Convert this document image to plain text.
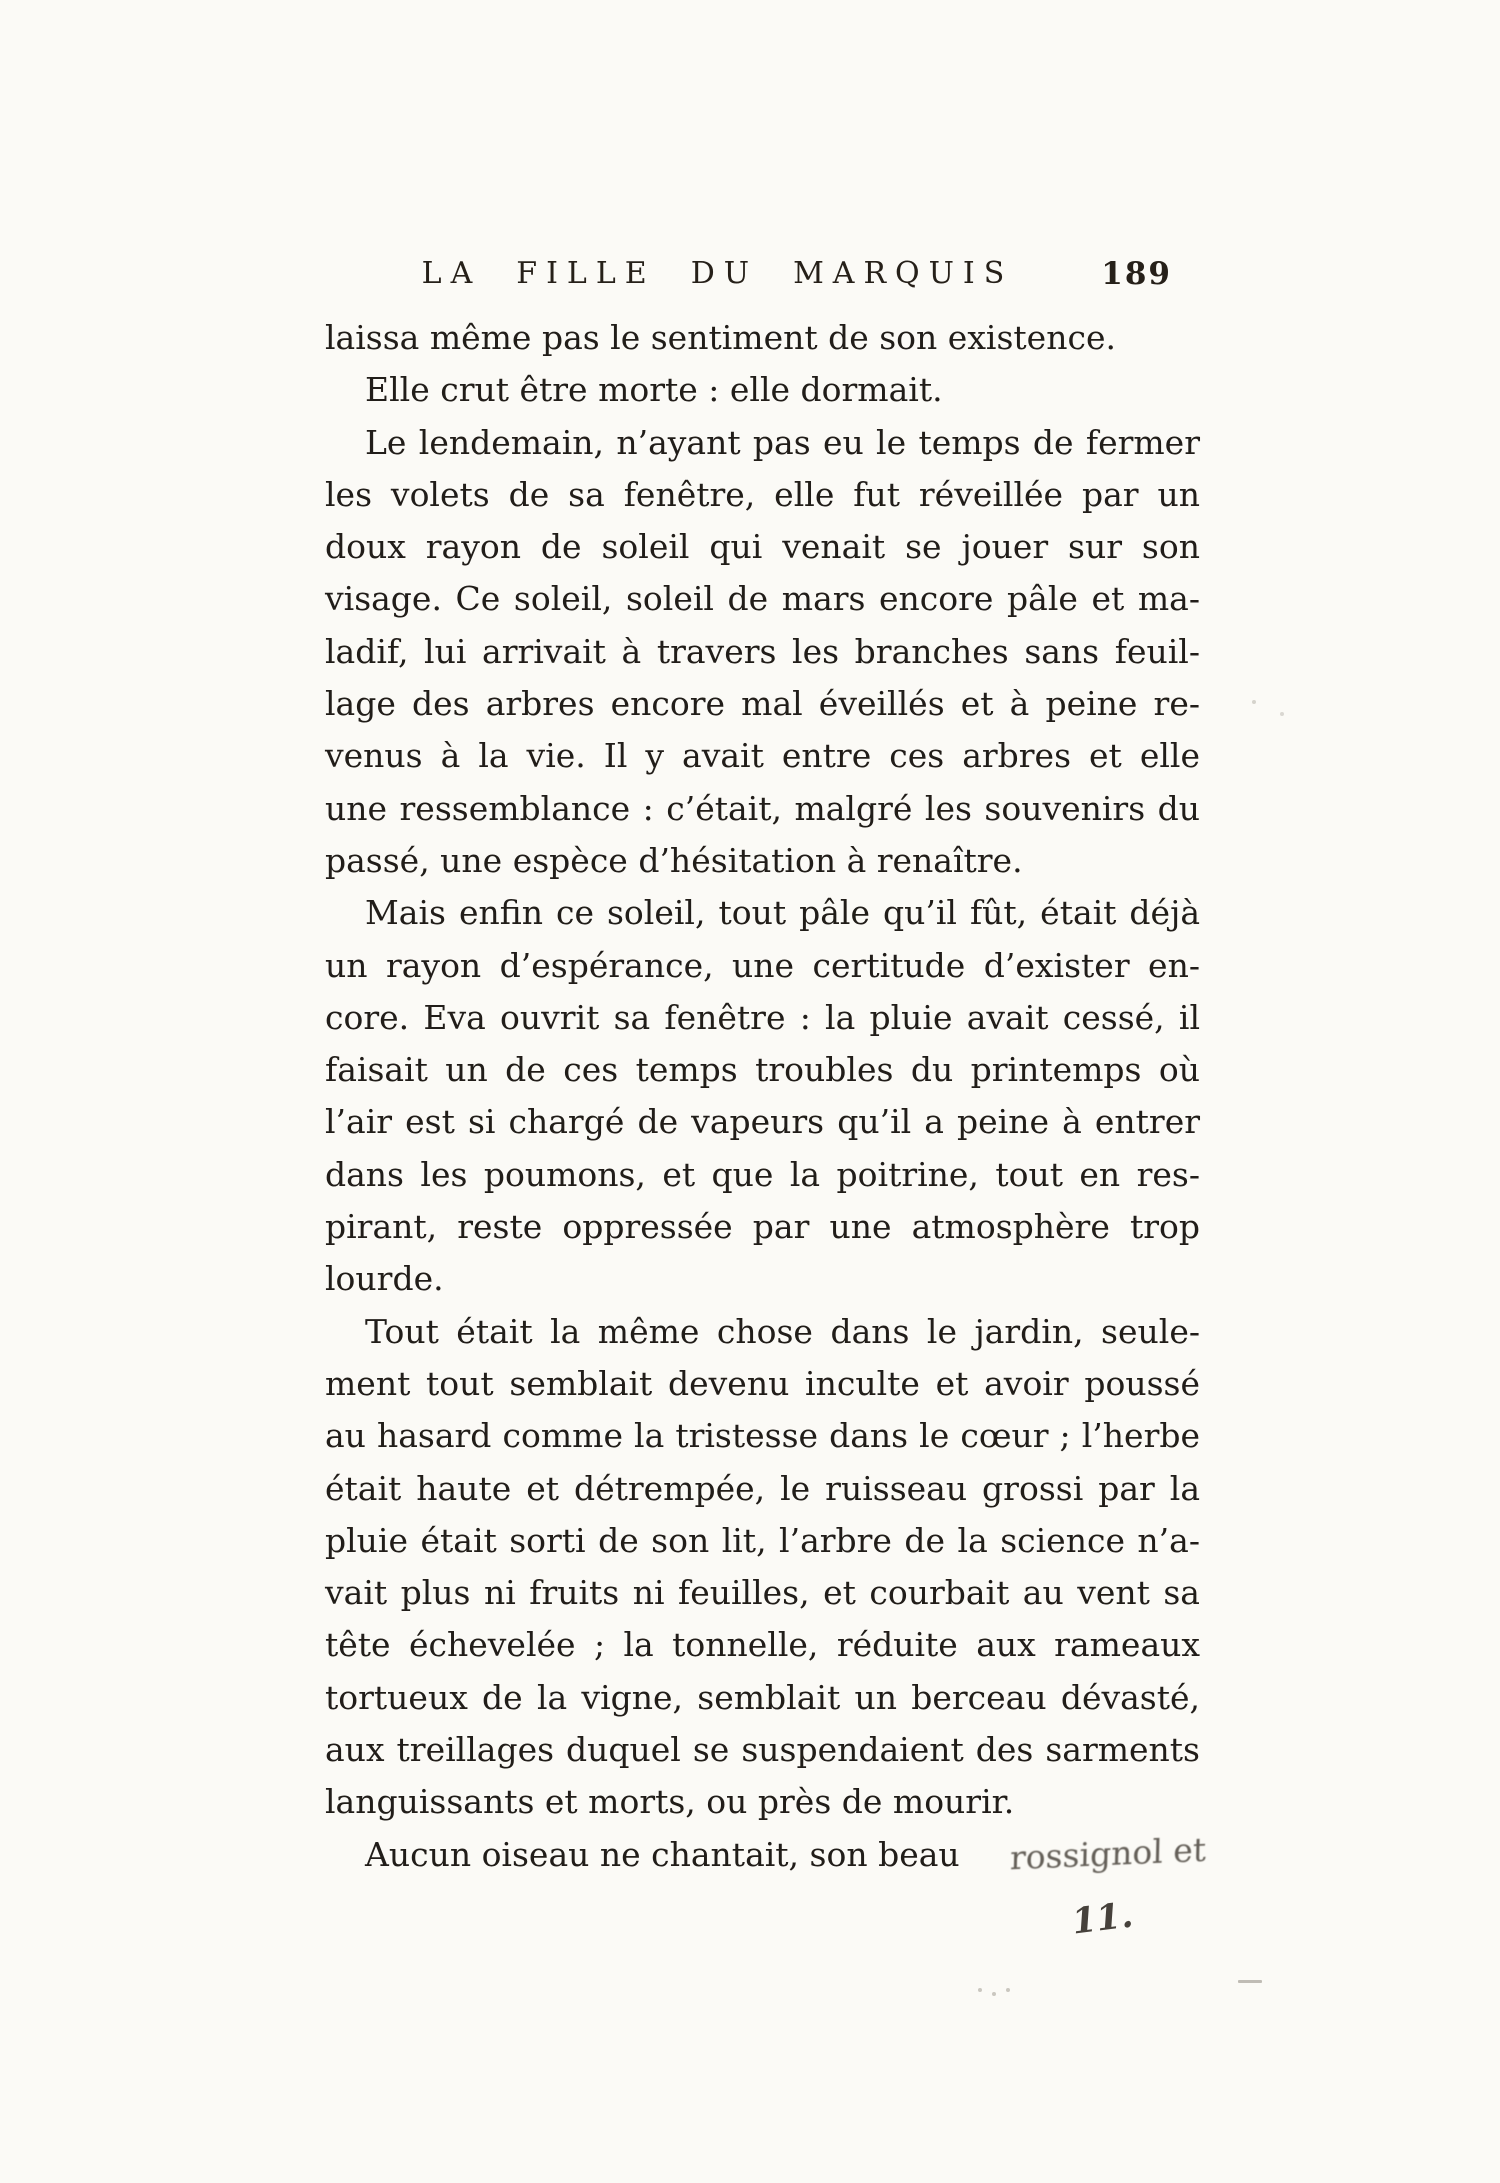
LA FILLE DU MARQUIS	189
laissa même pas le sentiment de son existence.
Elle crut être morte : elle dormait.
Le lendemain, n’ayant pas eu le temps de fermer
les volets de sa fenêtre, elle fut réveillée par un
doux rayon de soleil qui venait se jouer sur son
visage. Ce soleil, soleil de mars encore pâle et ma-
ladif, lui arrivait à travers les branches sans feuil-
lage des arbres encore mal éveillés et à peine re-
venus à la vie. Il y avait entre ces arbres et elle
une ressemblance : c’était, malgré les souvenirs du
passé, une espèce d’hésitation à renaître.
Mais enfin ce soleil, tout pâle qu’il fût, était déjà
un rayon d’espérance, une certitude d’exister en-
core. Eva ouvrit sa fenêtre : la pluie avait cessé, il
faisait un de ces temps troubles du printemps où
l’air est si chargé de vapeurs qu’il a peine à entrer
dans les poumons, et que la poitrine, tout en res-
pirant, reste oppressée par une atmosphère trop
lourde.
Tout était la même chose dans le jardin, seule-
ment tout semblait devenu inculte et avoir poussé
au hasard comme la tristesse dans le cœur ; l’herbe
était haute et détrempée, le ruisseau grossi par la
pluie était sorti de son lit, l’arbre de la science n’a-
vait plus ni fruits ni feuilles, et courbait au vent sa
tête échevelée ; la tonnelle, réduite aux rameaux
tortueux de la vigne, semblait un berceau dévasté,
aux treillages duquel se suspendaient des sarments
languissants et morts, ou près de mourir.
Aucun oiseau ne chantait, son beau rossignol et
11.
